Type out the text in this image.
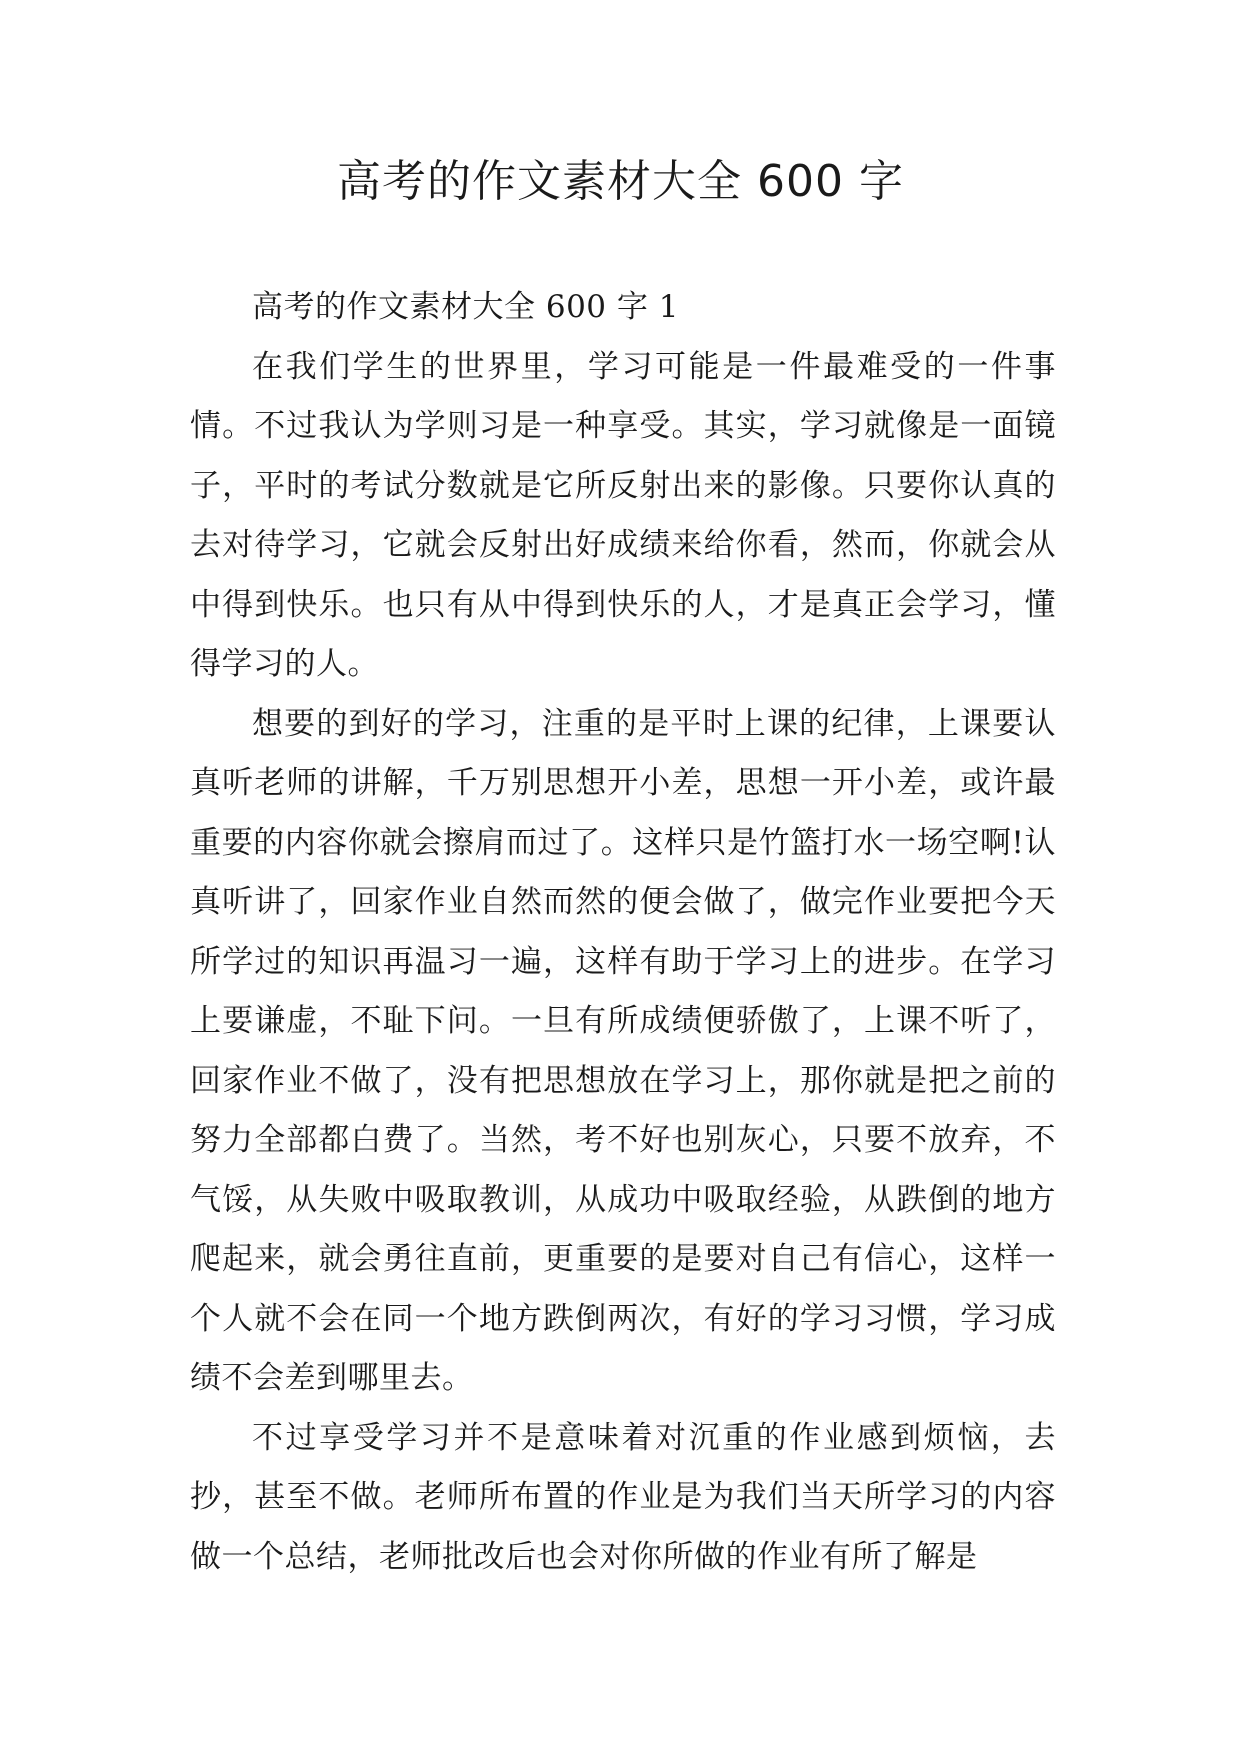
高考的作文素材大全 600 字

高考的作文素材大全 600 字 1

在我们学生的世界里，学习可能是一件最难受的一件事情。不过我认为学则习是一种享受。其实，学习就像是一面镜子，平时的考试分数就是它所反射出来的影像。只要你认真的去对待学习，它就会反射出好成绩来给你看，然而，你就会从中得到快乐。也只有从中得到快乐的人，才是真正会学习，懂得学习的人。

想要的到好的学习，注重的是平时上课的纪律，上课要认真听老师的讲解，千万别思想开小差，思想一开小差，或许最重要的内容你就会擦肩而过了。这样只是竹篮打水一场空啊!认真听讲了，回家作业自然而然的便会做了，做完作业要把今天所学过的知识再温习一遍，这样有助于学习上的进步。在学习上要谦虚，不耻下问。一旦有所成绩便骄傲了，上课不听了，回家作业不做了，没有把思想放在学习上，那你就是把之前的努力全部都白费了。当然，考不好也别灰心，只要不放弃，不气馁，从失败中吸取教训，从成功中吸取经验，从跌倒的地方爬起来，就会勇往直前，更重要的是要对自己有信心，这样一个人就不会在同一个地方跌倒两次，有好的学习习惯，学习成绩不会差到哪里去。

不过享受学习并不是意味着对沉重的作业感到烦恼，去抄，甚至不做。老师所布置的作业是为我们当天所学习的内容做一个总结，老师批改后也会对你所做的作业有所了解是
